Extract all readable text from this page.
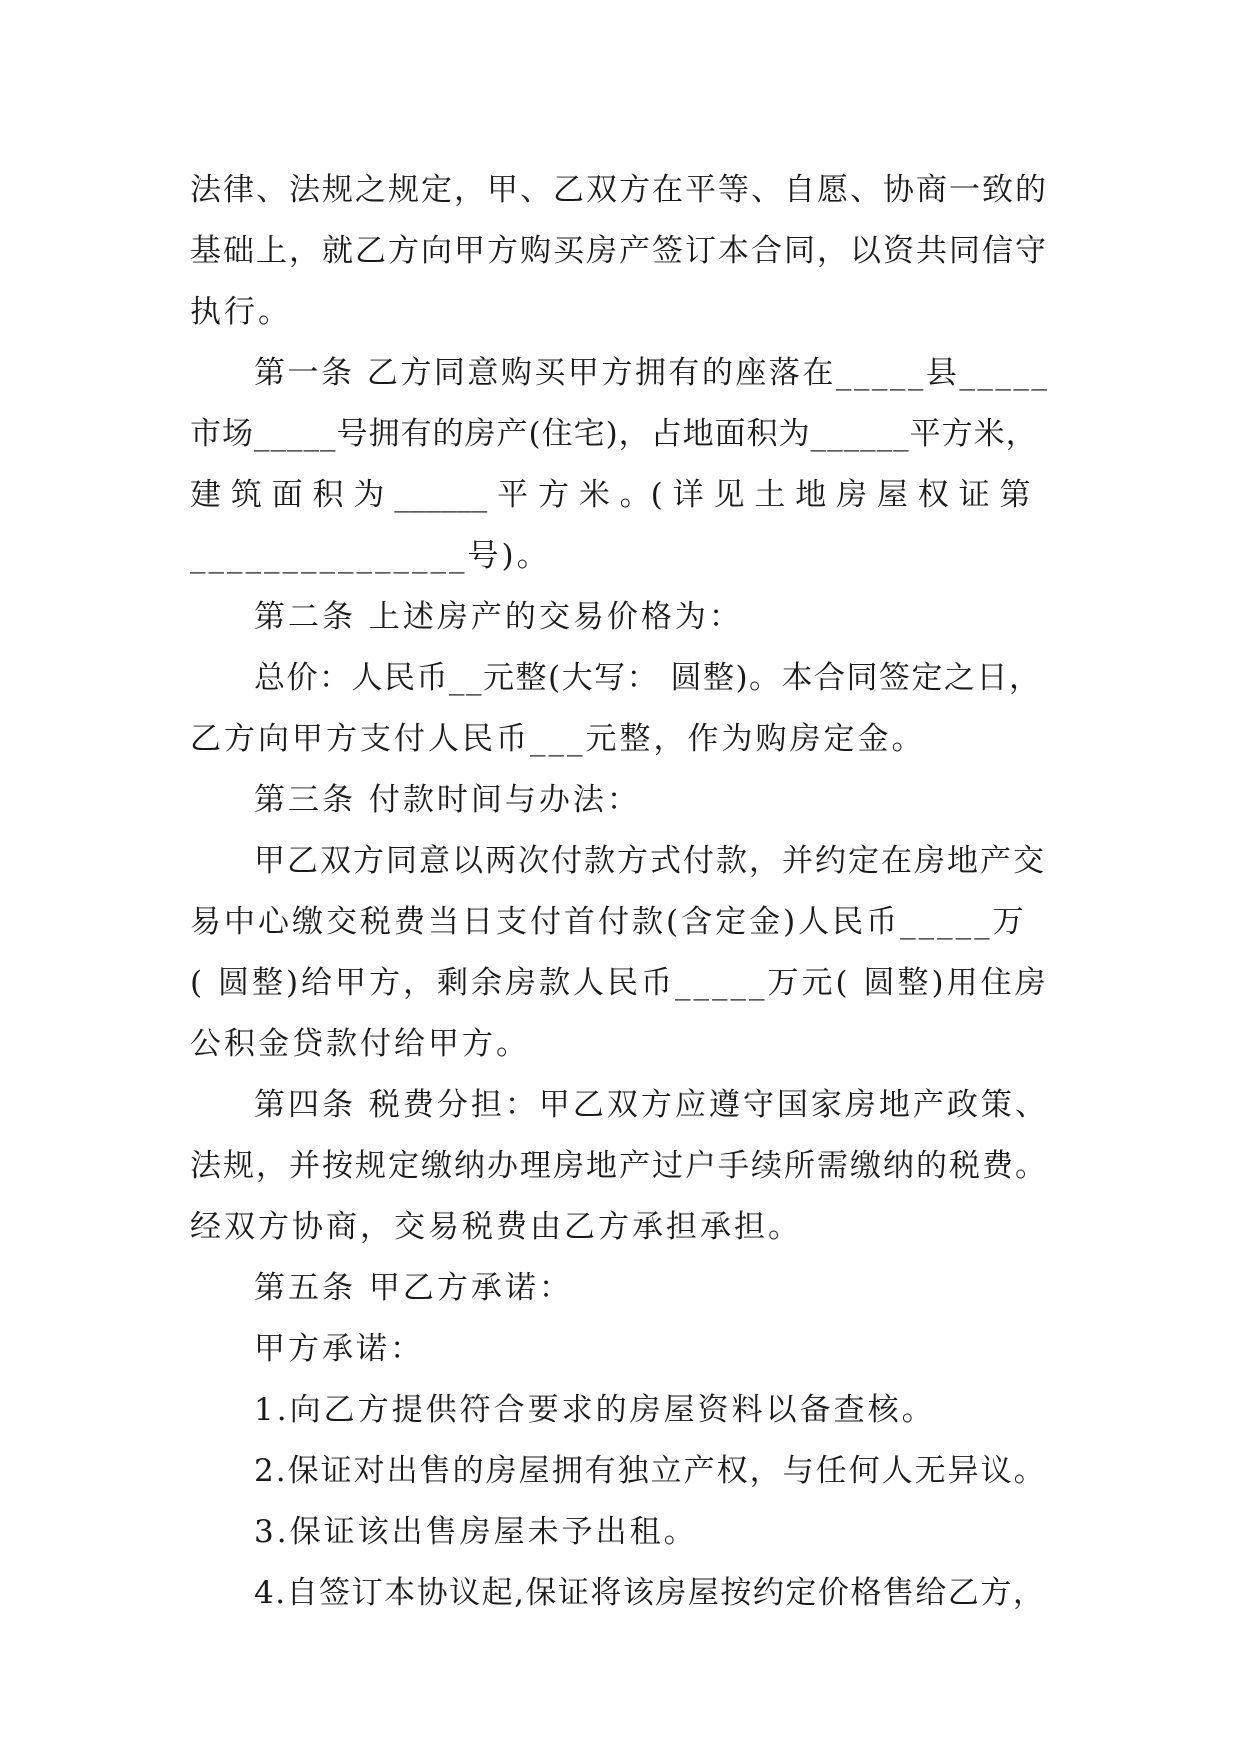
法律、法规之规定，甲、乙双方在平等、自愿、协商一致的
基础上，就乙方向甲方购买房产签订本合同，以资共同信守
执行。
第一条 乙方同意购买甲方拥有的座落在_____县_____
市场_____号拥有的房产(住宅)，占地面积为______平方米，
建 筑 面 积 为 ______ 平 方 米 。( 详 见 土 地 房 屋 权 证 第
_______________号)。
第二条 上述房产的交易价格为：
总价：人民币__元整(大写： 圆整)。本合同签定之日，
乙方向甲方支付人民币___元整，作为购房定金。
第三条 付款时间与办法：
甲乙双方同意以两次付款方式付款，并约定在房地产交
易中心缴交税费当日支付首付款(含定金)人民币_____万
( 圆整)给甲方，剩余房款人民币_____万元( 圆整)用住房
公积金贷款付给甲方。
第四条 税费分担：甲乙双方应遵守国家房地产政策、
法规，并按规定缴纳办理房地产过户手续所需缴纳的税费。
经双方协商，交易税费由乙方承担承担。
第五条 甲乙方承诺：
甲方承诺：
1.向乙方提供符合要求的房屋资料以备查核。
2.保证对出售的房屋拥有独立产权，与任何人无异议。
3.保证该出售房屋未予出租。
4.自签订本协议起,保证将该房屋按约定价格售给乙方，
